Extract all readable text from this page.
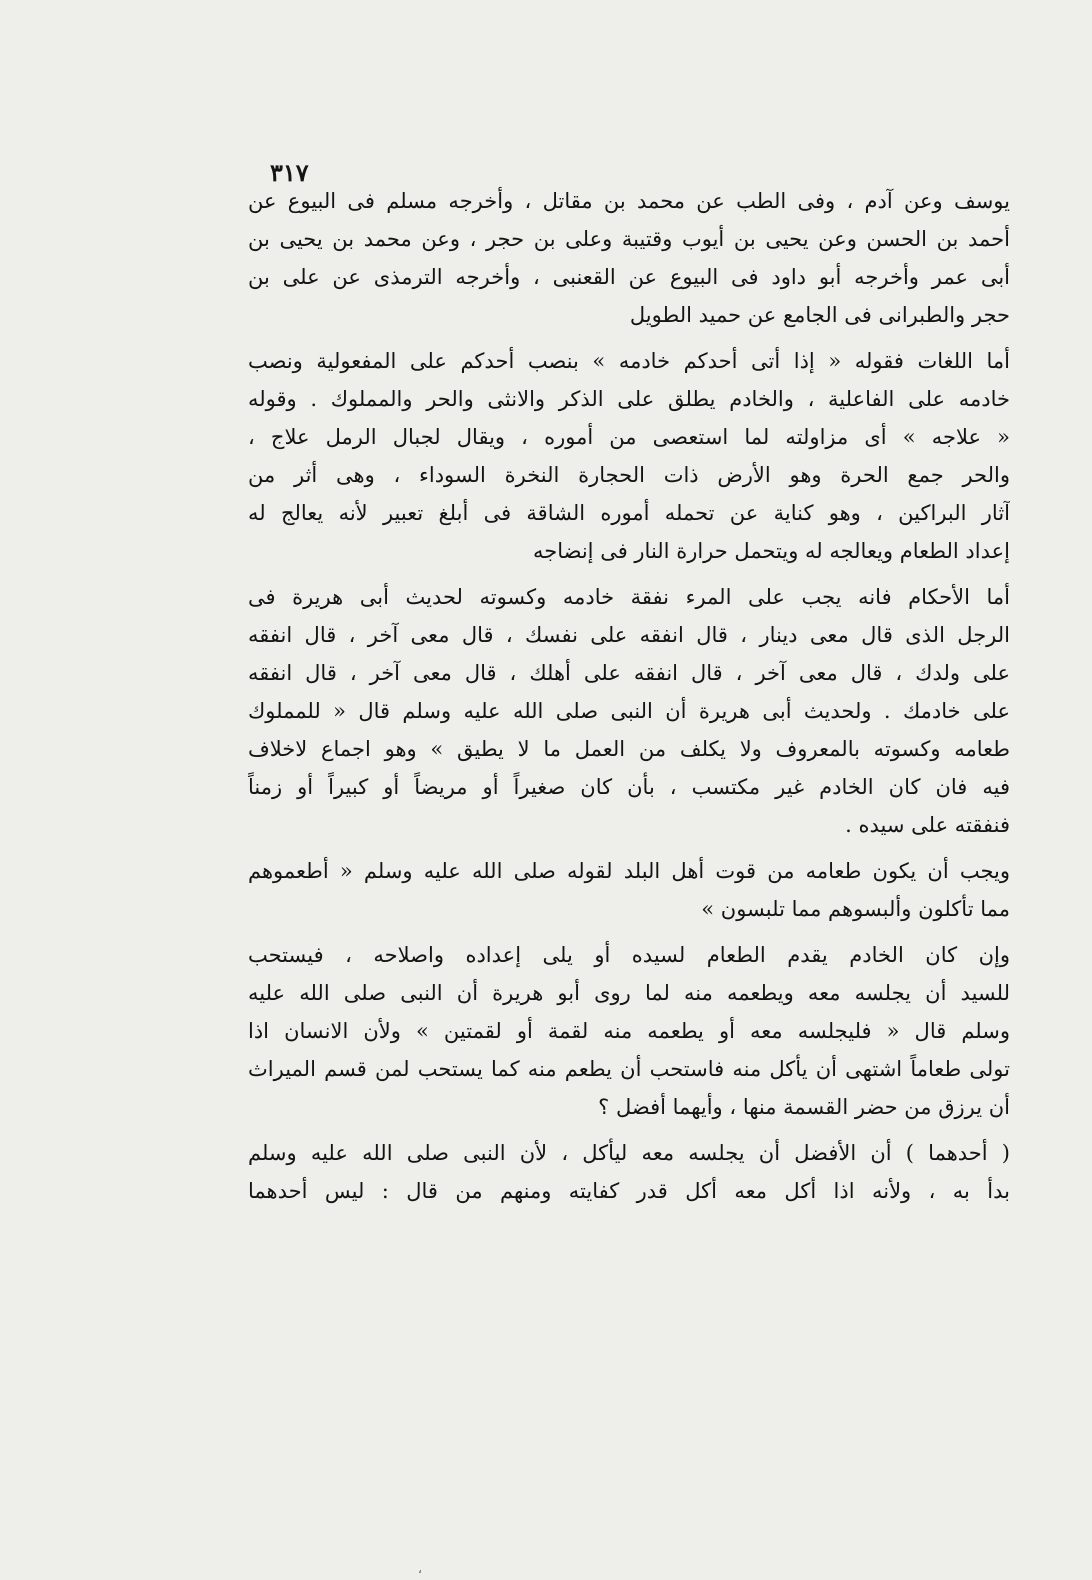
٣١٧
يوسف وعن آدم ، وفى الطب عن محمد بن مقاتل ، وأخرجه مسلم فى البيوع عن
أحمد بن الحسن وعن يحيى بن أيوب وقتيبة وعلى بن حجر ، وعن محمد بن يحيى بن
أبى عمر وأخرجه أبو داود فى البيوع عن القعنبى ، وأخرجه الترمذى عن على بن
حجر والطبرانى فى الجامع عن حميد الطويل
أما اللغات فقوله « إذا أتى أحدكم خادمه » بنصب أحدكم على المفعولية ونصب
خادمه على الفاعلية ، والخادم يطلق على الذكر والانثى والحر والمملوك . وقوله
« علاجه » أى مزاولته لما استعصى من أموره ، ويقال لجبال الرمل علاج ،
والحر جمع الحرة وهو الأرض ذات الحجارة النخرة السوداء ، وهى أثر من
آثار البراكين ، وهو كناية عن تحمله أموره الشاقة فى أبلغ تعبير لأنه يعالج له
إعداد الطعام ويعالجه له ويتحمل حرارة النار فى إنضاجه
أما الأحكام فانه يجب على المرء نفقة خادمه وكسوته لحديث أبى هريرة فى
الرجل الذى قال معى دينار ، قال انفقه على نفسك ، قال معى آخر ، قال انفقه
على ولدك ، قال معى آخر ، قال انفقه على أهلك ، قال معى آخر ، قال انفقه
على خادمك . ولحديث أبى هريرة أن النبى صلى الله عليه وسلم قال « للمملوك
طعامه وكسوته بالمعروف ولا يكلف من العمل ما لا يطيق » وهو اجماع لاخلاف
فيه فان كان الخادم غير مكتسب ، بأن كان صغيراً أو مريضاً أو كبيراً أو زمناً
فنفقته على سيده .
ويجب أن يكون طعامه من قوت أهل البلد لقوله صلى الله عليه وسلم « أطعموهم
مما تأكلون وألبسوهم مما تلبسون »
وإن كان الخادم يقدم الطعام لسيده أو يلى إعداده واصلاحه ، فيستحب
للسيد أن يجلسه معه ويطعمه منه لما روى أبو هريرة أن النبى صلى الله عليه
وسلم قال « فليجلسه معه أو يطعمه منه لقمة أو لقمتين » ولأن الانسان اذا
تولى طعاماً اشتهى أن يأكل منه فاستحب أن يطعم منه كما يستحب لمن قسم الميراث
أن يرزق من حضر القسمة منها ، وأيهما أفضل ؟
( أحدهما ) أن الأفضل أن يجلسه معه ليأكل ، لأن النبى صلى الله عليه وسلم
بدأ به ، ولأنه اذا أكل معه أكل قدر كفايته ومنهم من قال : ليس أحدهما
،
